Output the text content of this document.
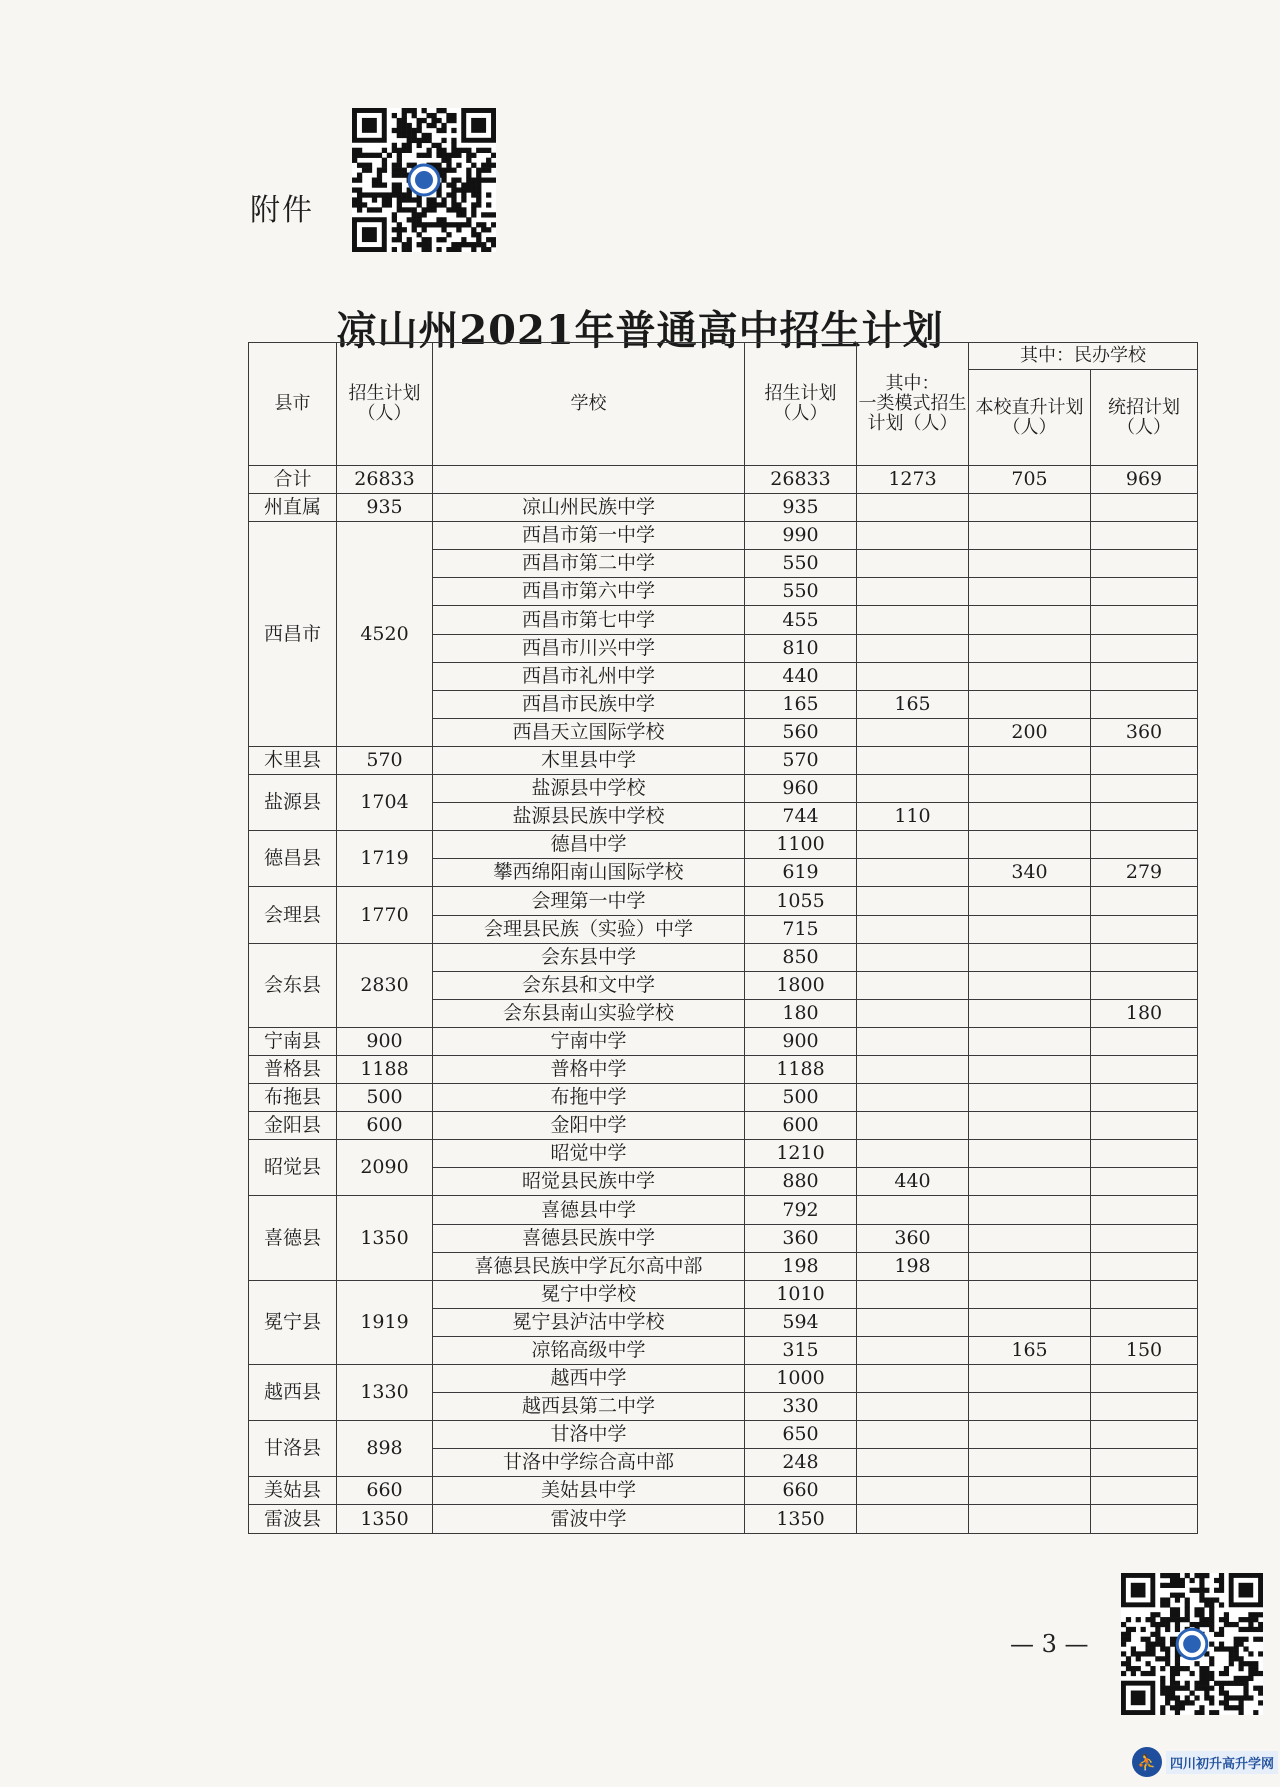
附件
凉山州2021年普通高中招生计划
县市	招生计划（人）	学校	招生计划（人）	其中：
一类模式招生计划（人）	其中：民办学校	
					本校直升计划（人）	统招计划（人）
合计	26833		26833	1273	705	969
州直属	935	凉山州民族中学	935			
西昌市	4520	西昌市第一中学	990			
		西昌市第二中学	550			
		西昌市第六中学	550			
		西昌市第七中学	455			
		西昌市川兴中学	810			
		西昌市礼州中学	440			
		西昌市民族中学	165	165		
		西昌天立国际学校	560		200	360
木里县	570	木里县中学	570			
盐源县	1704	盐源县中学校	960			
		盐源县民族中学校	744	110		
德昌县	1719	德昌中学	1100			
		攀西绵阳南山国际学校	619		340	279
会理县	1770	会理第一中学	1055			
		会理县民族（实验）中学	715			
会东县	2830	会东县中学	850			
		会东县和文中学	1800			
		会东县南山实验学校	180			180
宁南县	900	宁南中学	900			
普格县	1188	普格中学	1188			
布拖县	500	布拖中学	500			
金阳县	600	金阳中学	600			
昭觉县	2090	昭觉中学	1210			
		昭觉县民族中学	880	440		
喜德县	1350	喜德县中学	792			
		喜德县民族中学	360	360		
		喜德县民族中学瓦尔高中部	198	198		
冕宁县	1919	冕宁中学校	1010			
		冕宁县泸沽中学校	594			
		凉铭高级中学	315		165	150
越西县	1330	越西中学	1000			
		越西县第二中学	330			
甘洛县	898	甘洛中学	650			
		甘洛中学综合高中部	248			
美姑县	660	美姑县中学	660			
雷波县	1350	雷波中学	1350			
— 3 —
⛹	四川初升高升学网
